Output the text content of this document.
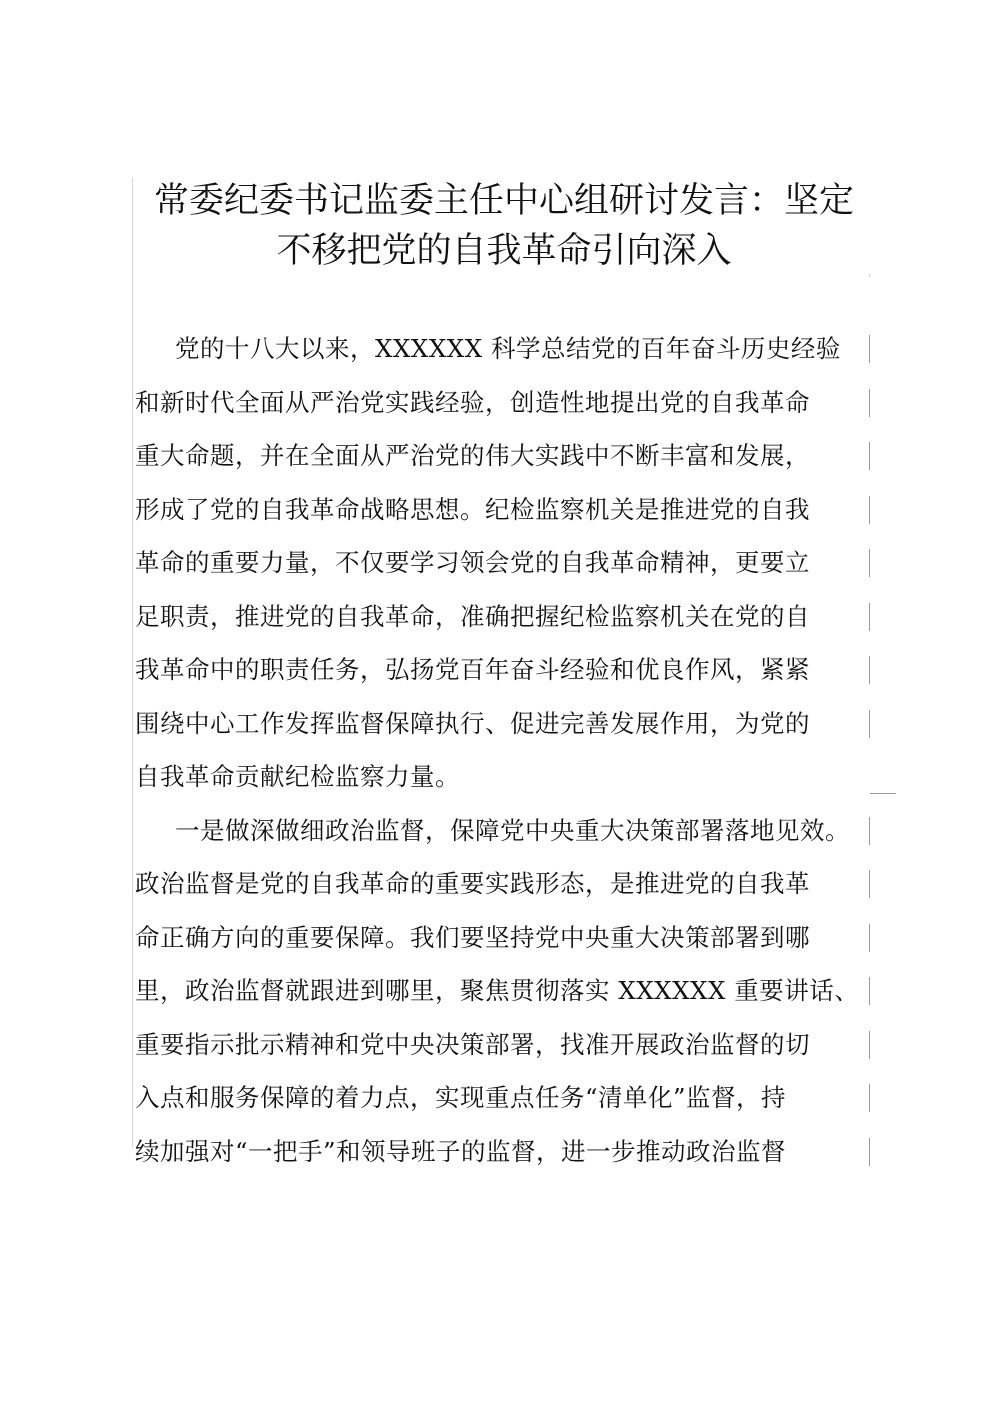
常委纪委书记监委主任中心组研讨发言：坚定
不移把党的自我革命引向深入
党的十八大以来，XXXXXX 科学总结党的百年奋斗历史经验
和新时代全面从严治党实践经验，创造性地提出党的自我革命
重大命题，并在全面从严治党的伟大实践中不断丰富和发展，
形成了党的自我革命战略思想。纪检监察机关是推进党的自我
革命的重要力量，不仅要学习领会党的自我革命精神，更要立
足职责，推进党的自我革命，准确把握纪检监察机关在党的自
我革命中的职责任务，弘扬党百年奋斗经验和优良作风，紧紧
围绕中心工作发挥监督保障执行、促进完善发展作用，为党的
自我革命贡献纪检监察力量。
一是做深做细政治监督，保障党中央重大决策部署落地见效。
政治监督是党的自我革命的重要实践形态，是推进党的自我革
命正确方向的重要保障。我们要坚持党中央重大决策部署到哪
里，政治监督就跟进到哪里，聚焦贯彻落实 XXXXXX 重要讲话、
重要指示批示精神和党中央决策部署，找准开展政治监督的切
入点和服务保障的着力点，实现重点任务“清单化”监督，持
续加强对“一把手”和领导班子的监督，进一步推动政治监督
